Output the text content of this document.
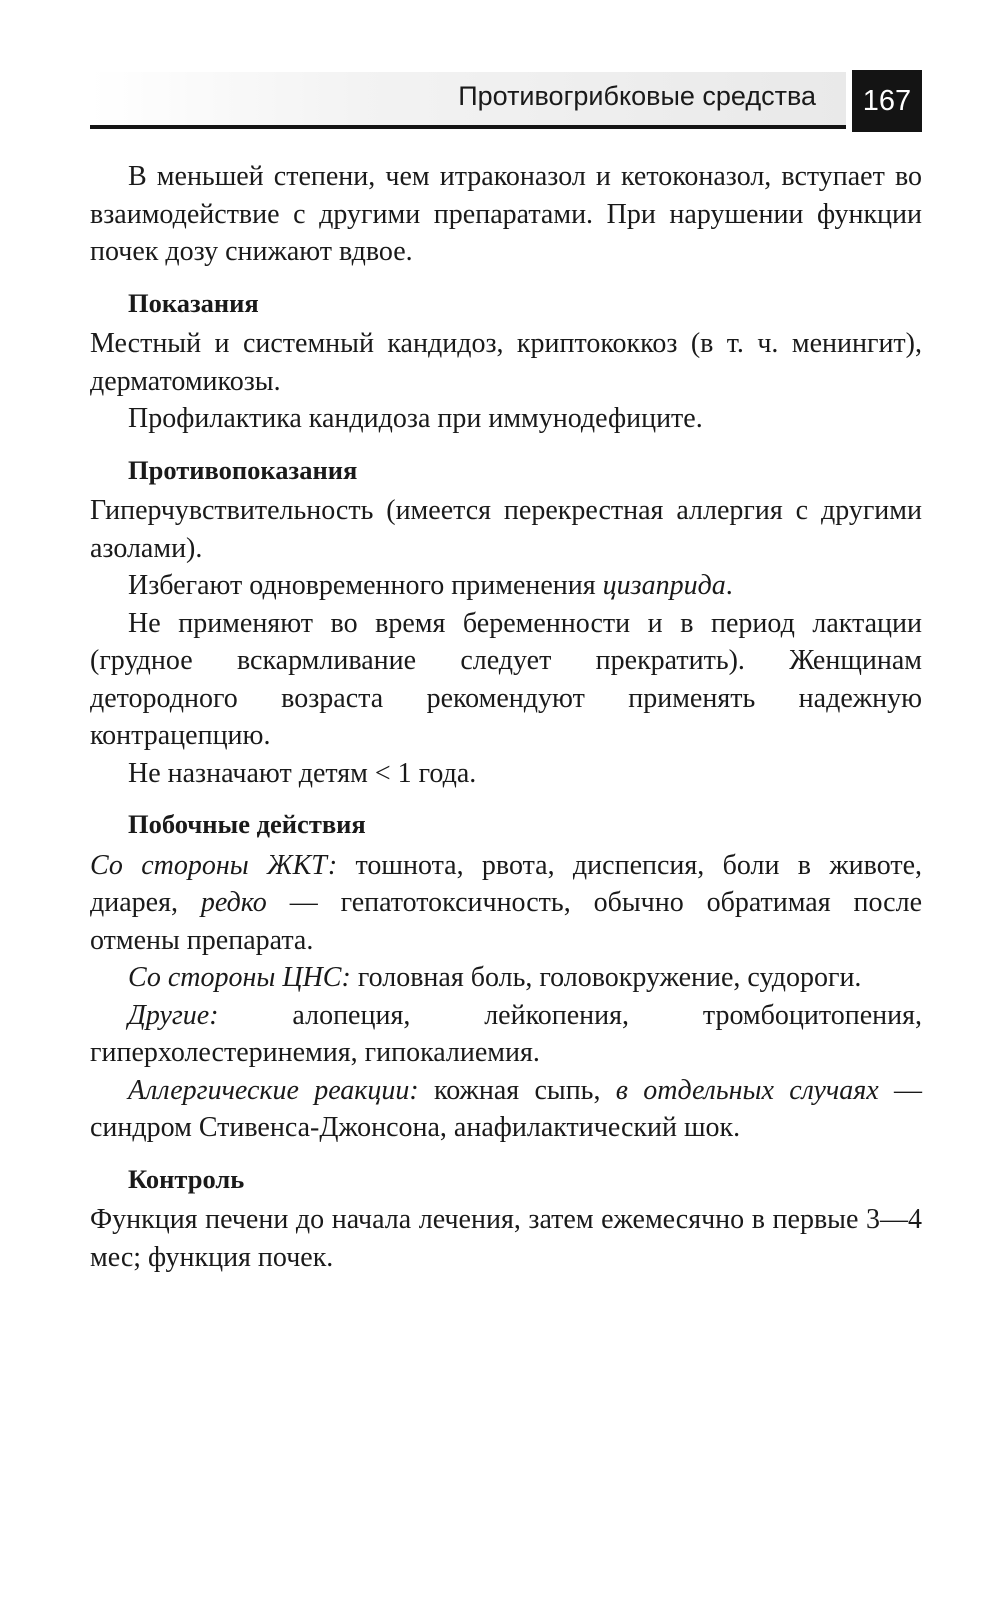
Противогрибковые средства	167

В меньшей степени, чем итраконазол и кетоконазол, вступает во взаимодействие с другими препаратами. При нарушении функции почек дозу снижают вдвое.

Показания

Местный и системный кандидоз, криптококкоз (в т. ч. менингит), дерматомикозы.

Профилактика кандидоза при иммунодефиците.

Противопоказания

Гиперчувствительность (имеется перекрестная аллергия с другими азолами).

Избегают одновременного применения цизаприда.

Не применяют во время беременности и в период лактации (грудное вскармливание следует прекратить). Женщинам детородного возраста рекомендуют применять надежную контрацепцию.

Не назначают детям < 1 года.

Побочные действия

Со стороны ЖКТ: тошнота, рвота, диспепсия, боли в животе, диарея, редко — гепатотоксичность, обычно обратимая после отмены препарата.

Со стороны ЦНС: головная боль, головокружение, судороги.

Другие: алопеция, лейкопения, тромбоцитопения, гиперхолестеринемия, гипокалиемия.

Аллергические реакции: кожная сыпь, в отдельных случаях — синдром Стивенса-Джонсона, анафилактический шок.

Контроль

Функция печени до начала лечения, затем ежемесячно в первые 3—4 мес; функция почек.
